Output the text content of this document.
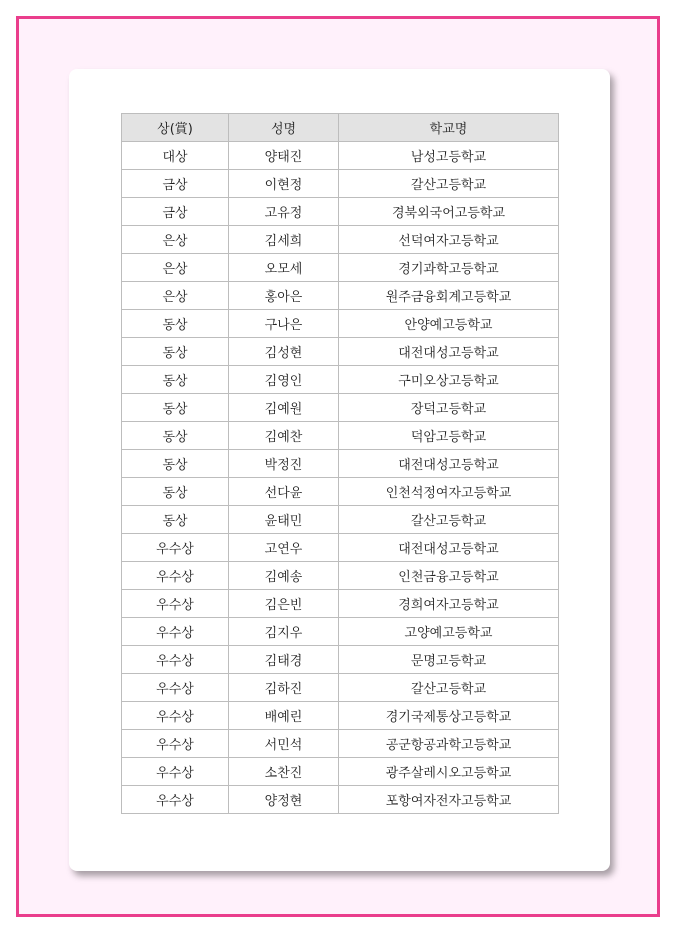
상(賞)	성명	학교명
대상	양태진	남성고등학교
금상	이현정	갈산고등학교
금상	고유정	경북외국어고등학교
은상	김세희	선덕여자고등학교
은상	오모세	경기과학고등학교
은상	홍아은	원주금융회계고등학교
동상	구나은	안양예고등학교
동상	김성현	대전대성고등학교
동상	김영인	구미오상고등학교
동상	김예원	장덕고등학교
동상	김예찬	덕암고등학교
동상	박정진	대전대성고등학교
동상	선다윤	인천석정여자고등학교
동상	윤태민	갈산고등학교
우수상	고연우	대전대성고등학교
우수상	김예송	인천금융고등학교
우수상	김은빈	경희여자고등학교
우수상	김지우	고양예고등학교
우수상	김태경	문명고등학교
우수상	김하진	갈산고등학교
우수상	배예린	경기국제통상고등학교
우수상	서민석	공군항공과학고등학교
우수상	소찬진	광주살레시오고등학교
우수상	양정현	포항여자전자고등학교
